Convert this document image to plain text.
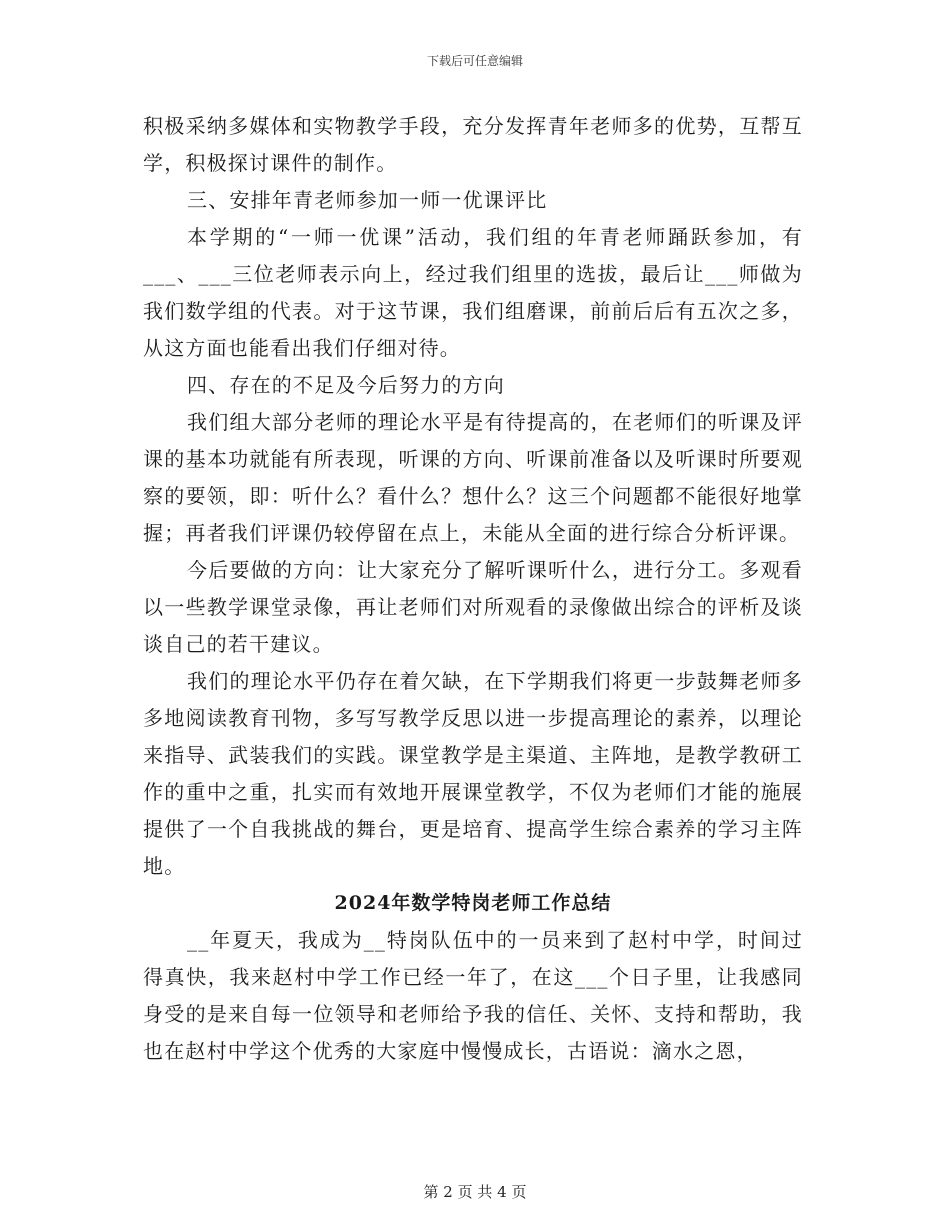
下载后可任意编辑

积极采纳多媒体和实物教学手段，充分发挥青年老师多的优势，互帮互学，积极探讨课件的制作。

三、安排年青老师参加一师一优课评比

本学期的“一师一优课”活动，我们组的年青老师踊跃参加，有___、___三位老师表示向上，经过我们组里的选拔，最后让___师做为我们数学组的代表。对于这节课，我们组磨课，前前后后有五次之多，从这方面也能看出我们仔细对待。

四、存在的不足及今后努力的方向

我们组大部分老师的理论水平是有待提高的，在老师们的听课及评课的基本功就能有所表现，听课的方向、听课前准备以及听课时所要观察的要领，即：听什么？看什么？想什么？这三个问题都不能很好地掌握；再者我们评课仍较停留在点上，未能从全面的进行综合分析评课。

今后要做的方向：让大家充分了解听课听什么，进行分工。多观看以一些教学课堂录像，再让老师们对所观看的录像做出综合的评析及谈谈自己的若干建议。

我们的理论水平仍存在着欠缺，在下学期我们将更一步鼓舞老师多多地阅读教育刊物，多写写教学反思以进一步提高理论的素养，以理论来指导、武装我们的实践。课堂教学是主渠道、主阵地，是教学教研工作的重中之重，扎实而有效地开展课堂教学，不仅为老师们才能的施展提供了一个自我挑战的舞台，更是培育、提高学生综合素养的学习主阵地。

2024年数学特岗老师工作总结

__年夏天，我成为__特岗队伍中的一员来到了赵村中学，时间过得真快，我来赵村中学工作已经一年了，在这___个日子里，让我感同身受的是来自每一位领导和老师给予我的信任、关怀、支持和帮助，我也在赵村中学这个优秀的大家庭中慢慢成长，古语说：滴水之恩，

第 2 页 共 4 页
